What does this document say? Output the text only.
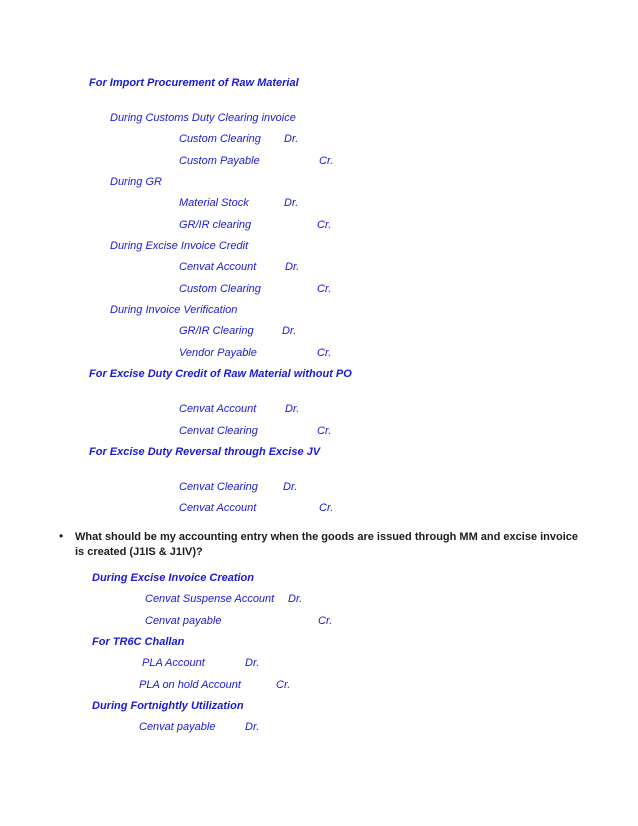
For Import Procurement of Raw Material
During Customs Duty Clearing invoice
Custom Clearing Dr.
Custom Payable	Cr.
During GR
Material Stock	Dr.
GR/IR clearing	Cr.
During Excise Invoice Credit
Cenvat Account	Dr.
Custom Clearing	Cr.
During Invoice Verification
GR/IR Clearing	Dr.
Vendor Payable	Cr.
For Excise Duty Credit of Raw Material without PO
Cenvat Account	Dr.
Cenvat Clearing	Cr.
For Excise Duty Reversal through Excise JV
Cenvat Clearing Dr.
Cenvat Account	Cr.
• What should be my accounting entry when the goods are issued through MM and excise invoice
is created (J1IS & J1IV)?
During Excise Invoice Creation
Cenvat Suspense Account Dr.
Cenvat payable	Cr.
For TR6C Challan
PLA Account	Dr.
PLA on hold Account	Cr.
During Fortnightly Utilization
Cenvat payable	Dr.
